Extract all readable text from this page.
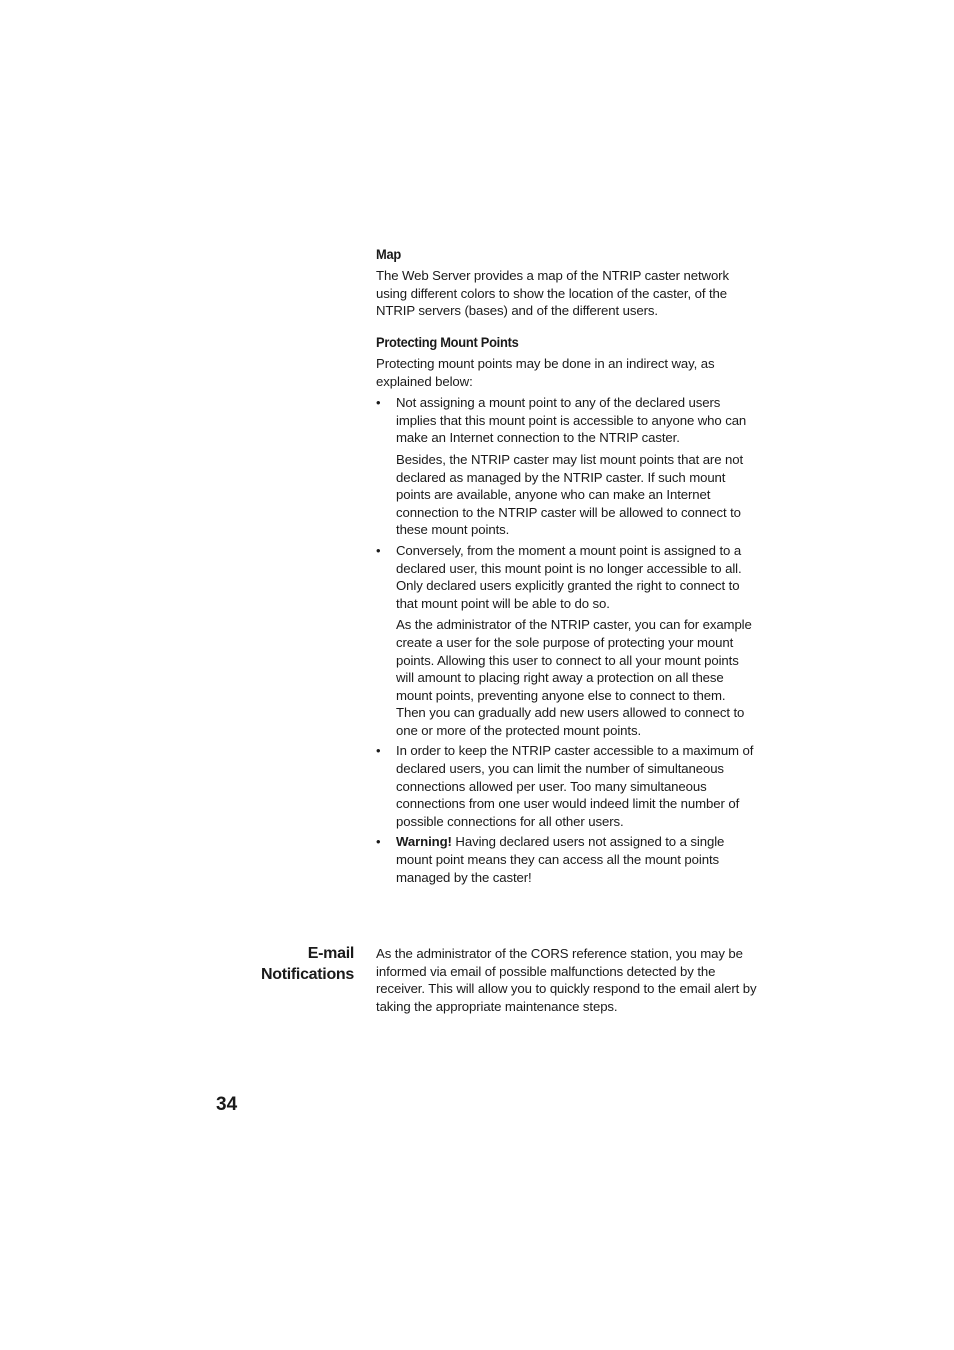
Map

The Web Server provides a map of the NTRIP caster network using different colors to show the location of the caster, of the NTRIP servers (bases) and of the different users.

Protecting Mount Points

Protecting mount points may be done in an indirect way, as explained below:

• Not assigning a mount point to any of the declared users implies that this mount point is accessible to anyone who can make an Internet connection to the NTRIP caster.
Besides, the NTRIP caster may list mount points that are not declared as managed by the NTRIP caster. If such mount points are available, anyone who can make an Internet connection to the NTRIP caster will be allowed to connect to these mount points.
• Conversely, from the moment a mount point is assigned to a declared user, this mount point is no longer accessible to all. Only declared users explicitly granted the right to connect to that mount point will be able to do so.
As the administrator of the NTRIP caster, you can for example create a user for the sole purpose of protecting your mount points. Allowing this user to connect to all your mount points will amount to placing right away a protection on all these mount points, preventing anyone else to connect to them. Then you can gradually add new users allowed to connect to one or more of the protected mount points.
• In order to keep the NTRIP caster accessible to a maximum of declared users, you can limit the number of simultaneous connections allowed per user. Too many simultaneous connections from one user would indeed limit the number of possible connections for all other users.
• Warning! Having declared users not assigned to a single mount point means they can access all the mount points managed by the caster!
E-mail
Notifications

As the administrator of the CORS reference station, you may be informed via email of possible malfunctions detected by the receiver. This will allow you to quickly respond to the email alert by taking the appropriate maintenance steps.

34
